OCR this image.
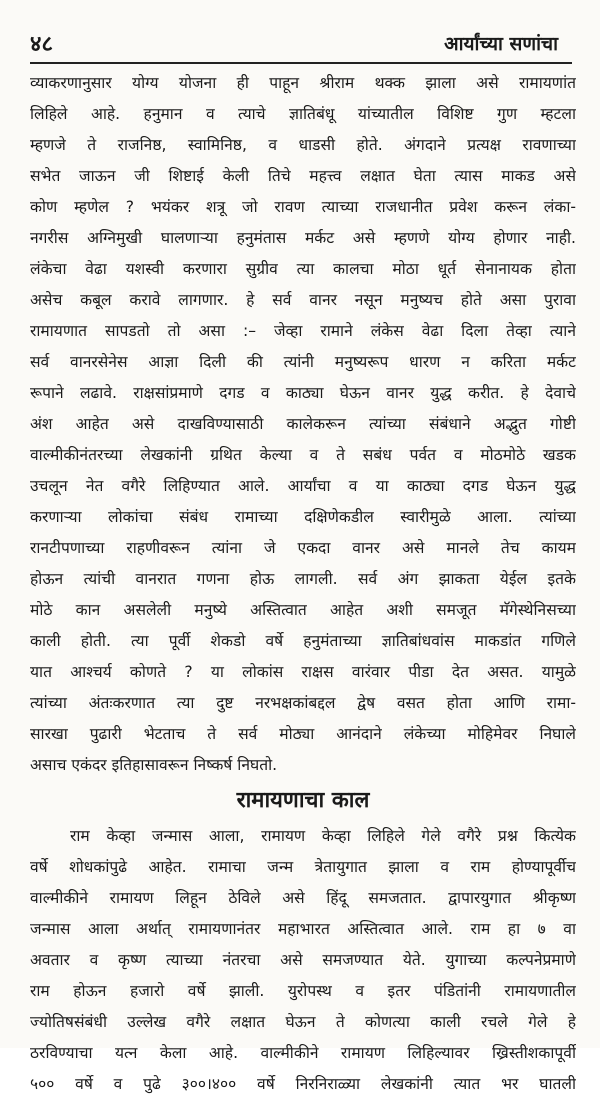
४८	आर्यांच्या सणांचा
व्याकरणानुसार योग्य योजना ही पाहून श्रीराम थक्क झाला असे रामायणांत
लिहिले आहे. हनुमान व त्याचे ज्ञातिबंधू यांच्यातील विशिष्ट गुण म्हटला
म्हणजे ते राजनिष्ठ, स्वामिनिष्ठ, व धाडसी होते. अंगदाने प्रत्यक्ष रावणाच्या
सभेत जाऊन जी शिष्टाई केली तिचे महत्त्व लक्षात घेता त्यास माकड असे
कोण म्हणेल ? भयंकर शत्रू जो रावण त्याच्या राजधानीत प्रवेश करून लंका-
नगरीस अग्निमुखी घालणाऱ्या हनुमंतास मर्कट असे म्हणणे योग्य होणार नाही.
लंकेचा वेढा यशस्वी करणारा सुग्रीव त्या कालचा मोठा धूर्त सेनानायक होता
असेच कबूल करावे लागणार. हे सर्व वानर नसून मनुष्यच होते असा पुरावा
रामायणात सापडतो तो असा :– जेव्हा रामाने लंकेस वेढा दिला तेव्हा त्याने
सर्व वानरसेनेस आज्ञा दिली की त्यांनी मनुष्यरूप धारण न करिता मर्कट
रूपाने लढावे. राक्षसांप्रमाणे दगड व काठ्या घेऊन वानर युद्ध करीत. हे देवाचे
अंश आहेत असे दाखविण्यासाठी कालेकरून त्यांच्या संबंधाने अद्भुत गोष्टी
वाल्मीकीनंतरच्या लेखकांनी ग्रथित केल्या व ते सबंध पर्वत व मोठमोठे खडक
उचलून नेत वगैरे लिहिण्यात आले. आर्यांचा व या काठ्या दगड घेऊन युद्ध
करणाऱ्या लोकांचा संबंध रामाच्या दक्षिणेकडील स्वारीमुळे आला. त्यांच्या
रानटीपणाच्या राहणीवरून त्यांना जे एकदा वानर असे मानले तेच कायम
होऊन त्यांची वानरात गणना होऊ लागली. सर्व अंग झाकता येईल इतके
मोठे कान असलेली मनुष्ये अस्तित्वात आहेत अशी समजूत मॅगेस्थेनिसच्या
काली होती. त्या पूर्वी शेकडो वर्षे हनुमंताच्या ज्ञातिबांधवांस माकडांत गणिले
यात आश्चर्य कोणते ? या लोकांस राक्षस वारंवार पीडा देत असत. यामुळे
त्यांच्या अंतःकरणात त्या दुष्ट नरभक्षकांबद्दल द्वेष वसत होता आणि रामा-
सारखा पुढारी भेटताच ते सर्व मोठ्या आनंदाने लंकेच्या मोहिमेवर निघाले
असाच एकंदर इतिहासावरून निष्कर्ष निघतो.
रामायणाचा काल
राम केव्हा जन्मास आला, रामायण केव्हा लिहिले गेले वगैरे प्रश्न कित्येक
वर्षे शोधकांपुढे आहेत. रामाचा जन्म त्रेतायुगात झाला व राम होण्यापूर्वीच
वाल्मीकीने रामायण लिहून ठेविले असे हिंदू समजतात. द्वापारयुगात श्रीकृष्ण
जन्मास आला अर्थात् रामायणानंतर महाभारत अस्तित्वात आले. राम हा ७ वा
अवतार व कृष्ण त्याच्या नंतरचा असे समजण्यात येते. युगाच्या कल्पनेप्रमाणे
राम होऊन हजारो वर्षे झाली. युरोपस्थ व इतर पंडितांनी रामायणातील
ज्योतिषसंबंधी उल्लेख वगैरे लक्षात घेऊन ते कोणत्या काली रचले गेले हे
ठरविण्याचा यत्न केला आहे. वाल्मीकीने रामायण लिहिल्यावर ख्रिस्तीशकापूर्वी
५०० वर्षे व पुढे ३००।४०० वर्षे निरनिराळ्या लेखकांनी त्यात भर घातली
